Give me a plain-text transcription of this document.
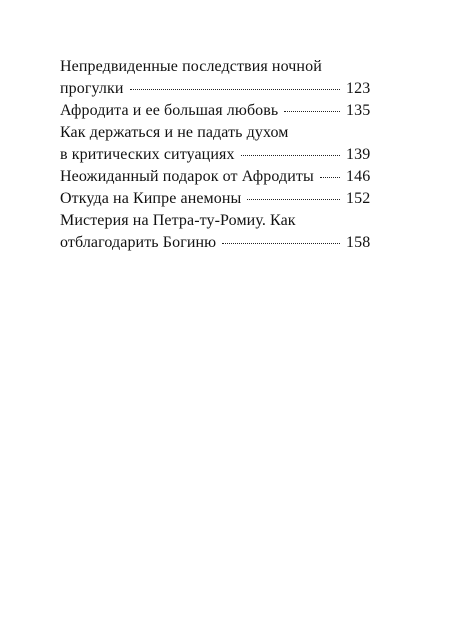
Непредвиденные последствия ночной
прогулки	123
Афродита и ее большая любовь	135
Как держаться и не падать духом
в критических ситуациях	139
Неожиданный подарок от Афродиты 146
Откуда на Кипре анемоны	152
Мистерия на Петра-ту-Ромиу. Как
отблагодарить Богиню	158
